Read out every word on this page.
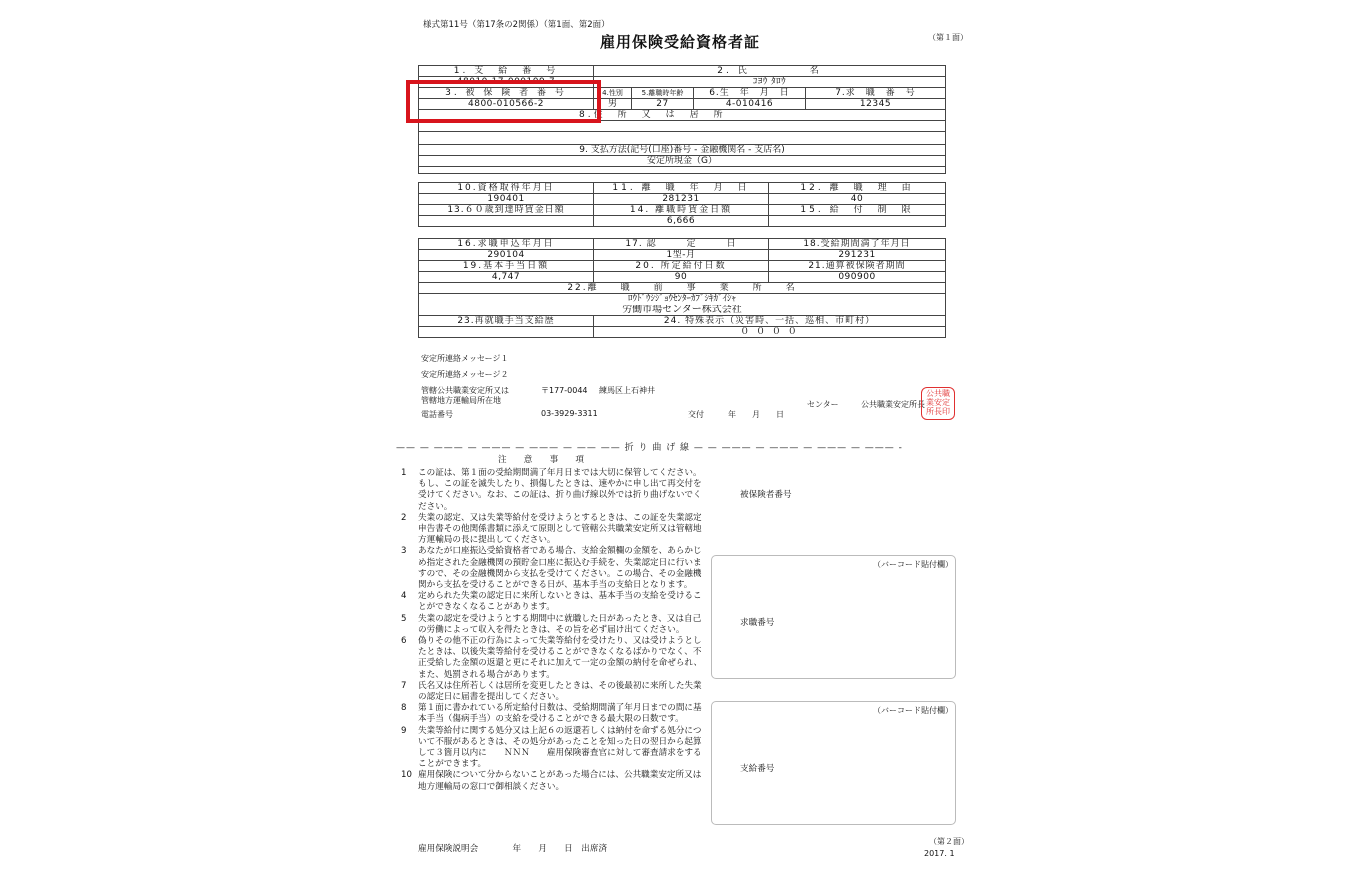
様式第11号（第17条の2関係）（第1面、第2面）
雇用保険受給資格者証	（第１面）
1. 支　給　番　号	2. 氏　　　　　名			
48010-17-000109-7	ｺﾖｳ ﾀﾛｳ			
3. 被 保 険 者 番 号	4.性別	5.離職時年齢	6.生　年　月　日	7.求　職　番　号
4800-010566-2	男	27	4-010416	12345
8.住　所　又　は　居　所				

9. 支払方法(記号(口座)番号 - 金融機関名 - 支店名)				
安定所現金（G）				

10.資格取得年月日	11. 離　職　年　月　日	12. 離　職　理　由
190401	281231	40
13.６０歳到達時賃金日額	14. 離職時賃金日額	15. 給　付　制　限
	6,666	
16.求職申込年月日	17. 認　　　定　　　日	18.受給期間満了年月日
290104	1型-月	291231
19.基本手当日額	20. 所定給付日数	21.通算被保険者期間
4,747	90	090900
22.離　　職　　前　　事　　業　　所　　名		
ﾛｳﾄﾞｳｼｼﾞｮｳｾﾝﾀｰｶﾌﾞｼｷｶﾞｲｼｬ		
労働市場センター株式会社		
23.再就職手当支給歴	24. 特殊表示（災害時、一括、巡相、市町村）	
	０ ０ ０ ０	
安定所連絡メッセージ１
安定所連絡メッセージ２
管轄公共職業安定所又は
管轄地方運輸局所在地
〒177-0044 練馬区上石神井
電話番号	03-3929-3311	交付　　　年　　月　　日
センター	公共職業安定所長
公共職業安定所長印
—— — ——— — ——— — ——— — —— —— 折 り 曲 げ 線 — — ——— — ——— — ——— — ——— -
注　　意　　事　　項
1	この証は、第１面の受給期間満了年月日までは大切に保管してください。もし、この証を滅失したり、損傷したときは、速やかに申し出て再交付を受けてください。なお、この証は、折り曲げ線以外では折り曲げないでください。
2	失業の認定、又は失業等給付を受けようとするときは、この証を失業認定申告書その他関係書類に添えて原則として管轄公共職業安定所又は管轄地方運輸局の長に提出してください。
3	あなたが口座振込受給資格者である場合、支給金額欄の金額を、あらかじめ指定された金融機関の預貯金口座に振込む手続を、失業認定日に行いますので、その金融機関から支払を受けてください。この場合、その金融機関から支払を受けることができる日が、基本手当の支給日となります。
4	定められた失業の認定日に来所しないときは、基本手当の支給を受けることができなくなることがあります。
5	失業の認定を受けようとする期間中に就職した日があったとき、又は自己の労働によって収入を得たときは、その旨を必ず届け出てください。
6	偽りその他不正の行為によって失業等給付を受けたり、又は受けようとしたときは、以後失業等給付を受けることができなくなるばかりでなく、不正受給した金額の返還と更にそれに加えて一定の金額の納付を命ぜられ、また、処罰される場合があります。
7	氏名又は住所若しくは居所を変更したときは、その後最初に来所した失業の認定日に届書を提出してください。
8	第１面に書かれている所定給付日数は、受給期間満了年月日までの間に基本手当（傷病手当）の支給を受けることができる最大限の日数です。
9	失業等給付に関する処分又は上記６の返還若しくは納付を命ずる処分について不服があるときは、その処分があったことを知った日の翌日から起算して３箇月以内に　　ＮＮＮ　　雇用保険審査官に対して審査請求をすることができます。
10 雇用保険について分からないことがあった場合には、公共職業安定所又は地方運輸局の窓口で御相談ください。
被保険者番号
（バーコード貼付欄）
求職番号
（バーコード貼付欄）
支給番号
（第２面）
2017. 1
雇用保険説明会　　　　年　　月　　日　出席済
